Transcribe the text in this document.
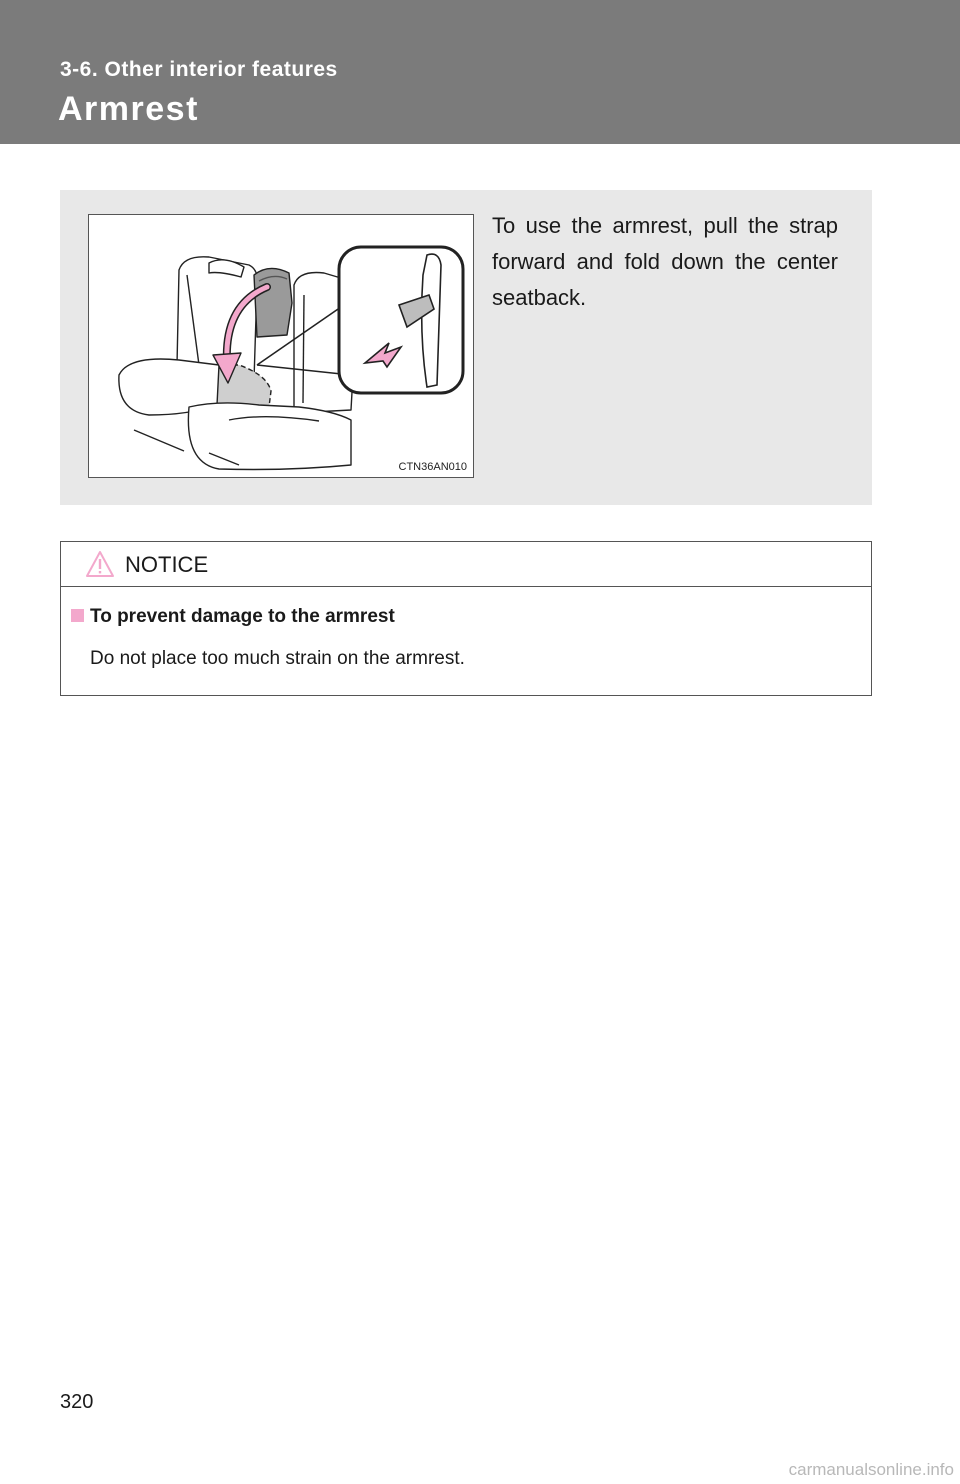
3-6. Other interior features
Armrest
CTN36AN010
To use the armrest, pull the strap forward and fold down the center seatback.
NOTICE
To prevent damage to the armrest
Do not place too much strain on the armrest.
320
carmanualsonline.info
